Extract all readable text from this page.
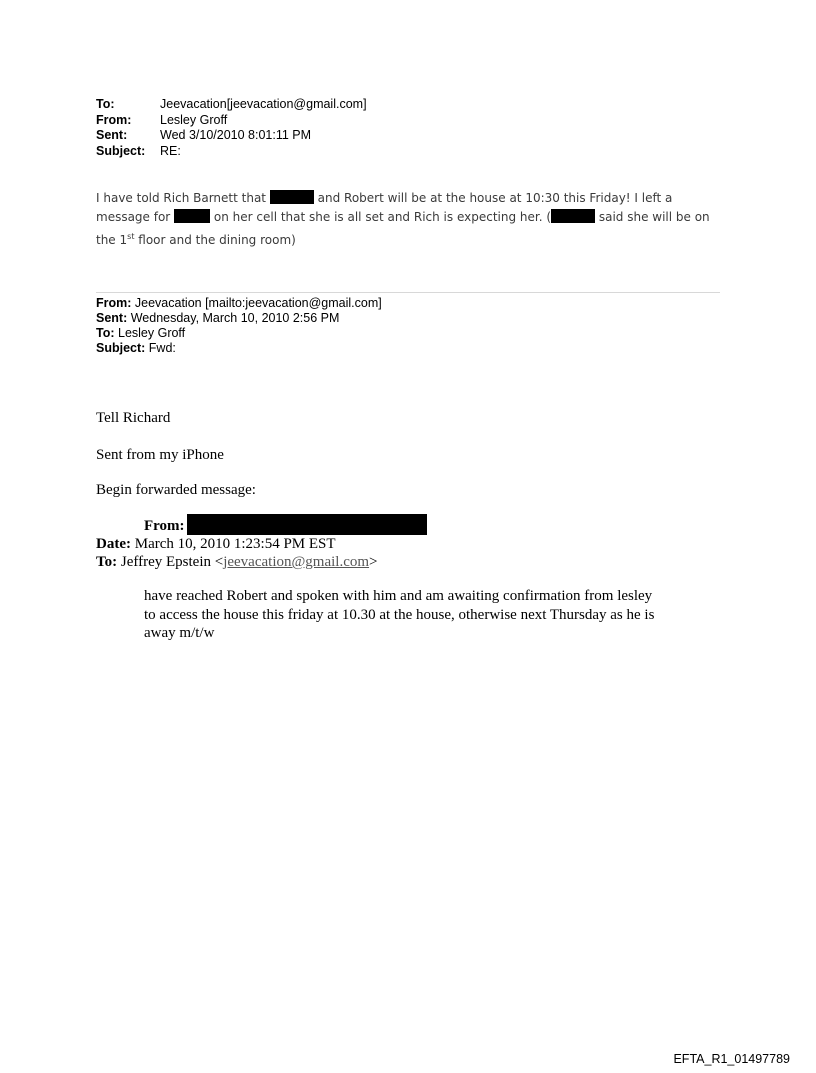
To:	Jeevacation[jeevacation@gmail.com]
From:	Lesley Groff
Sent:	Wed 3/10/2010 8:01:11 PM
Subject:	RE:
I have told Rich Barnett that	and Robert will be at the house at 10:30 this Friday! I left a message for	on her cell that she is all set and Rich is expecting her. (	said she will be on the 1st floor and the dining room)
From: Jeevacation [mailto:jeevacation@gmail.com]
Sent: Wednesday, March 10, 2010 2:56 PM
To: Lesley Groff
Subject: Fwd:
Tell Richard
Sent from my iPhone
Begin forwarded message:
From:
Date: March 10, 2010 1:23:54 PM EST
To: Jeffrey Epstein <jeevacation@gmail.com>
have reached Robert and spoken with him and am awaiting confirmation from lesley to access the house this friday at 10.30 at the house, otherwise next Thursday as he is away m/t/w
EFTA_R1_01497789
